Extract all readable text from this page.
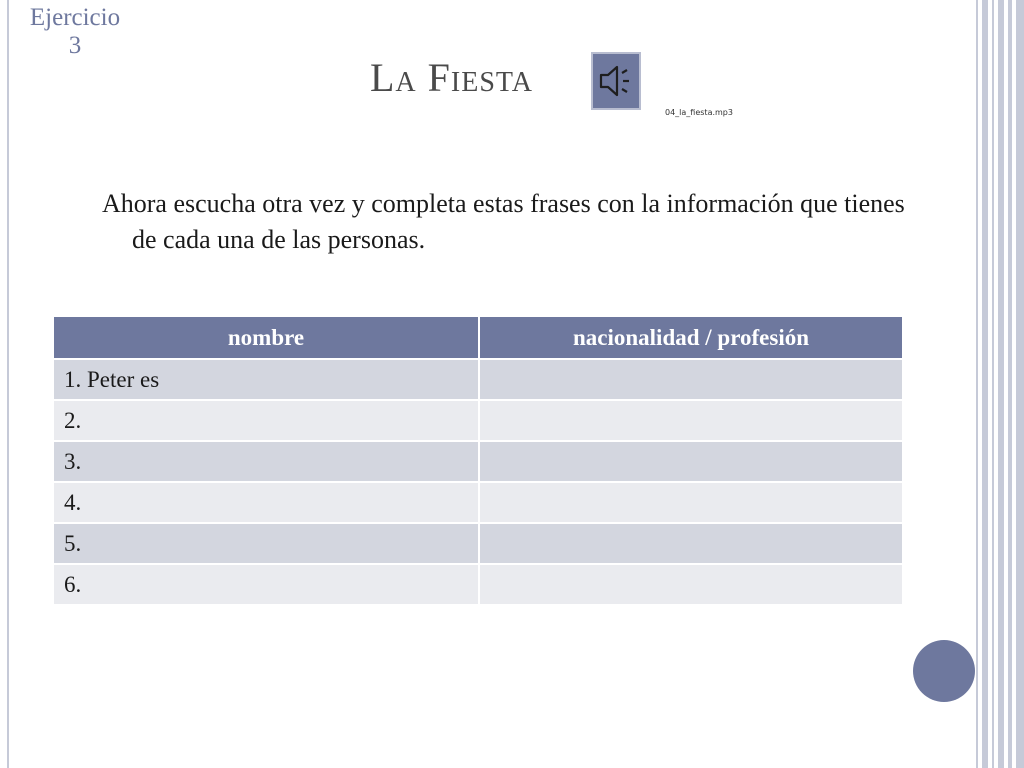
Ejercicio
3
La Fiesta
04_la_fiesta.mp3
Ahora escucha otra vez y completa estas frases con la información que tienes de cada una de las personas.
nombre	nacionalidad / profesión
1. Peter es	
2.	
3.	
4.	
5.	
6.	
